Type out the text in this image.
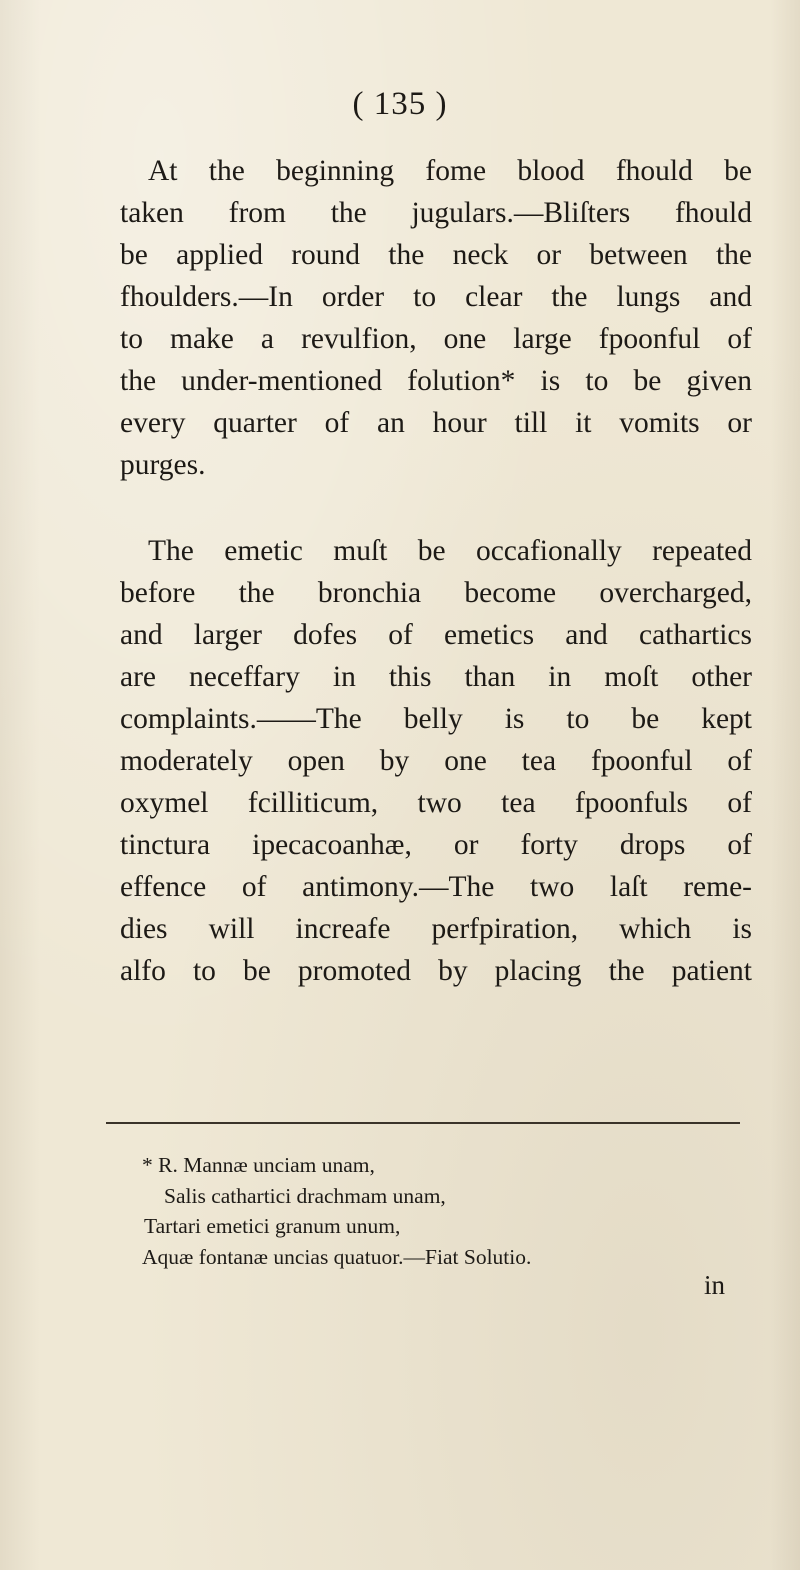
( 135 )
At the beginning fome blood fhould be
taken from the jugulars.—Bliſters fhould
be applied round the neck or between the
fhoulders.—In order to clear the lungs and
to make a revulfion, one large fpoonful of
the under-mentioned folution* is to be given
every quarter of an hour till it vomits or
purges.
The emetic muſt be occafionally repeated
before the bronchia become overcharged,
and larger dofes of emetics and cathartics
are neceffary in this than in moſt other
complaints.——The belly is to be kept
moderately open by one tea fpoonful of
oxymel fcilliticum, two tea fpoonfuls of
tinctura ipecacoanhæ, or forty drops of
effence of antimony.—The two laſt reme-
dies will increafe perfpiration, which is
alfo to be promoted by placing the patient
* R. Mannæ unciam unam,
Salis cathartici drachmam unam,
Tartari emetici granum unum,
Aquæ fontanæ uncias quatuor.—Fiat Solutio.
in
